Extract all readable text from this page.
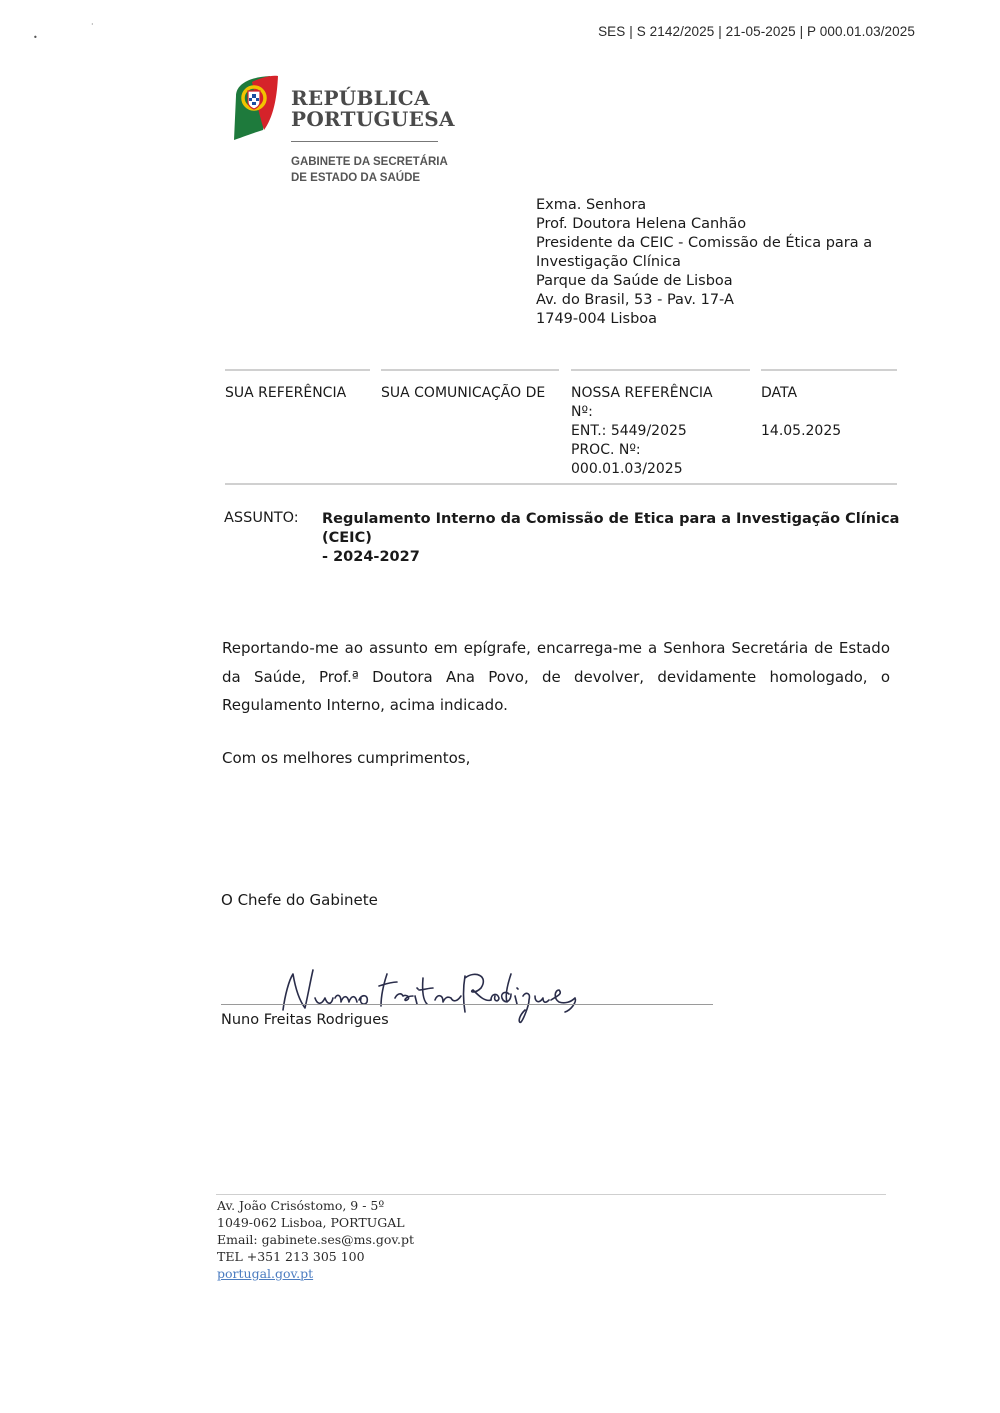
•
·	SES | S 2142/2025 | 21-05-2025 | P 000.01.03/2025
REPÚBLICA
PORTUGUESA
GABINETE DA SECRETÁRIA
DE ESTADO DA SAÚDE
Exma. Senhora
Prof. Doutora Helena Canhão
Presidente da CEIC - Comissão de Ética para a
Investigação Clínica
Parque da Saúde de Lisboa
Av. do Brasil, 53 - Pav. 17-A
1749-004 Lisboa
SUA REFERÊNCIA SUA COMUNICAÇÃO DE NOSSA REFERÊNCIA
Nº:
DATA
ENT.: 5449/2025
PROC. Nº:
000.01.03/2025
14.05.2025
ASSUNTO: Regulamento Interno da Comissão de Etica para a Investigação Clínica (CEIC)
- 2024-2027
Reportando-me ao assunto em epígrafe, encarrega-me a Senhora Secretária de Estado da Saúde, Prof.ª Doutora Ana Povo, de devolver, devidamente homologado, o Regulamento Interno, acima indicado.
Com os melhores cumprimentos,
O Chefe do Gabinete
Nuno Freitas Rodrigues
Av. João Crisóstomo, 9 - 5º
1049-062 Lisboa, PORTUGAL
Email: gabinete.ses@ms.gov.pt
TEL +351 213 305 100
portugal.gov.pt
